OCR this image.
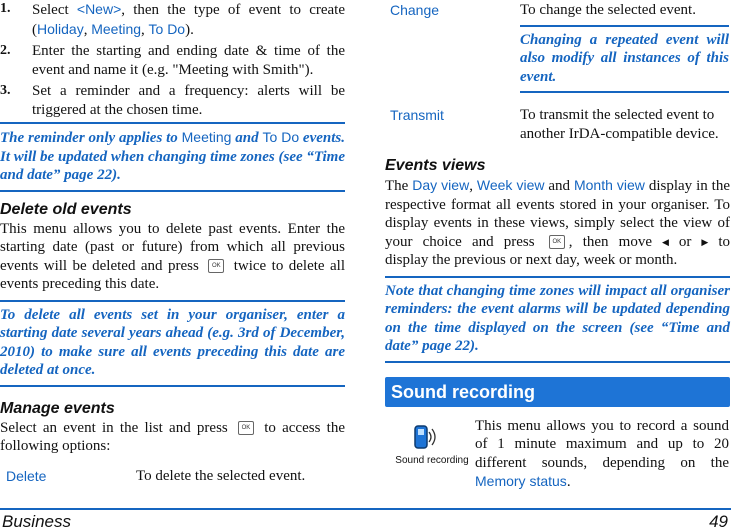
1. Select <New>, then the type of event to create (Holiday, Meeting, To Do).
2. Enter the starting and ending date & time of the event and name it (e.g. "Meeting with Smith").
3. Set a reminder and a frequency: alerts will be triggered at the chosen time.
The reminder only applies to Meeting and To Do events. It will be updated when changing time zones (see “Time and date” page 22).
Delete old events

This menu allows you to delete past events. Enter the starting date (past or future) from which all previous events will be deleted and press OK twice to delete all events preceding this date.

To delete all events set in your organiser, enter a starting date several years ahead (e.g. 3rd of December, 2010) to make sure all events preceding this date are deleted at once.
Manage events

Select an event in the list and press OK to access the following options:

Delete	To delete the selected event.
Change	To change the selected event.
Changing a repeated event will also modify all instances of this event.

Transmit	To transmit the selected event to another IrDA-compatible device.
Events views

The Day view, Week view and Month view display in the respective format all events stored in your organiser. To display events in these views, simply select the view of your choice and press	OK , then move ◀ or ▶ to display the previous or next day, week or month.

Note that changing time zones will impact all organiser reminders: the event alarms will be updated depending on the time displayed on the screen (see “Time and date” page 22).
Sound recording
Sound recording

This menu allows you to record a sound of 1 minute maximum and up to 20 different sounds, depending on the Memory status.

Business	49
